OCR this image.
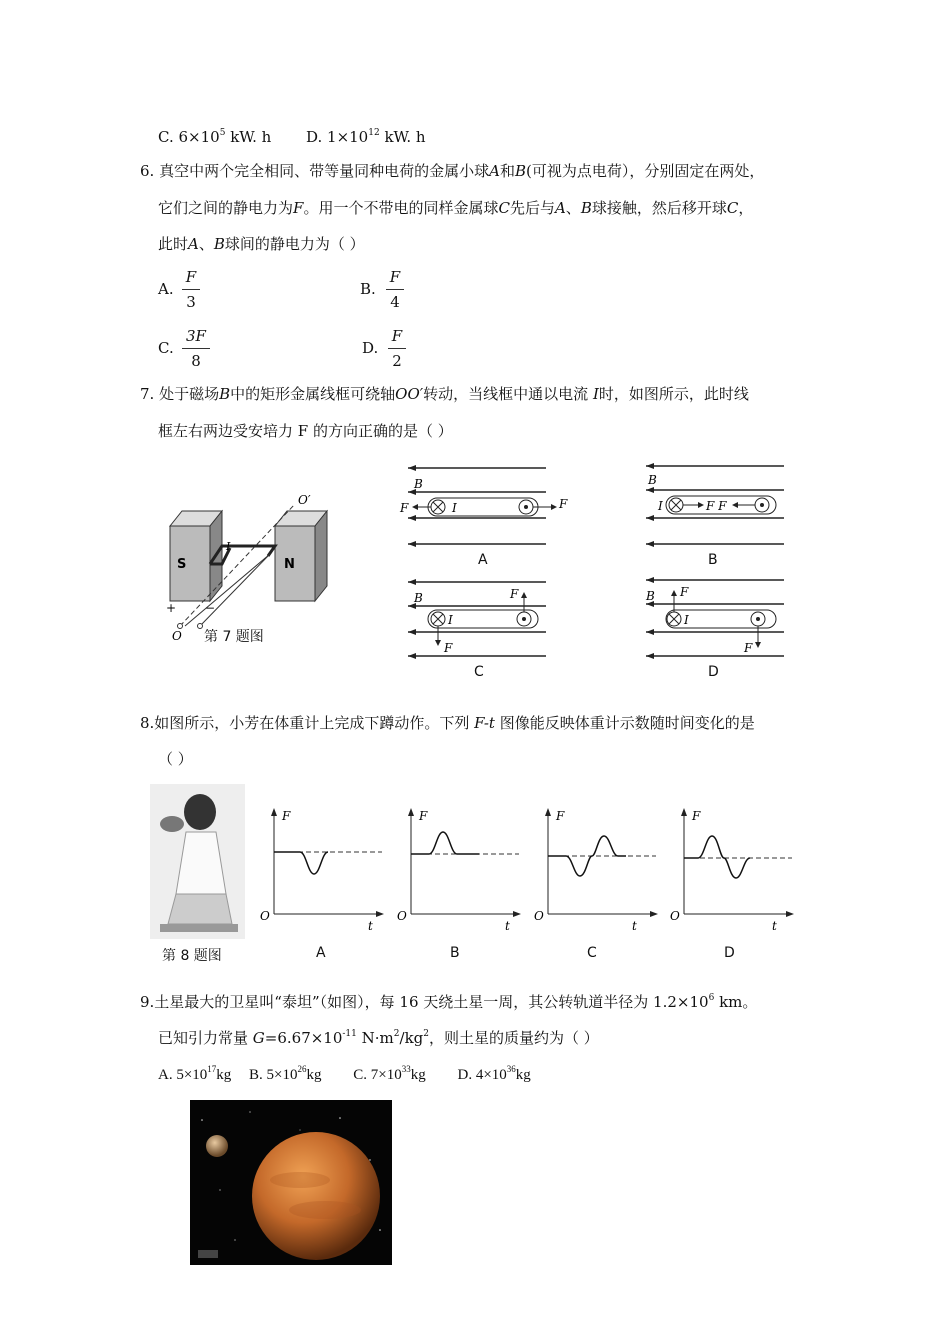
C. $6\times 10^5$ kW. h D. $1\times 10^{12}$ kW. h
6. 真空中两个完全相同、带等量同种电荷的金属小球A和B(可视为点电荷），分别固定在两处，
它们之间的静电力为F。用一个不带电的同样金属球C先后与A、B球接触，然后移开球C，
此时A、B球间的静电力为（ ）
A. $\frac{F}{3}$	B. $\frac{F}{4}$
C. $\frac{3F}{8}$	D. $\frac{F}{2}$
7. 处于磁场B中的矩形金属线框可绕轴OO′转动，当线框中通以电流 I时，如图所示，此时线
框左右两边受安培力 F 的方向正确的是（ ）
S	N
O′
O
+ −
I
第 7 题图
B
F	F
I
A
B
I	F F
B
B
I
F
F
C
B F
I
F
D
8.如图所示，小芳在体重计上完成下蹲动作。下列 F-t 图像能反映体重计示数随时间变化的是
（ ）
第 8 题图
F
O
t
F
O
t
F
O
t
F
O
t
A	B	C	D
9.土星最大的卫星叫“泰坦”（如图），每 16 天绕土星一周，其公转轨道半径为 $1.2\times 10^6$ km。
已知引力常量 $G=6.67\times 10^{-11}$ $N\cdot m^2/kg^2$，则土星的质量约为（ ）
A. $5\times 10^{17}kg$ B. $5\times 10^{26}kg$ C. $7\times 10^{33}kg$ D. $4\times 10^{36}kg$
